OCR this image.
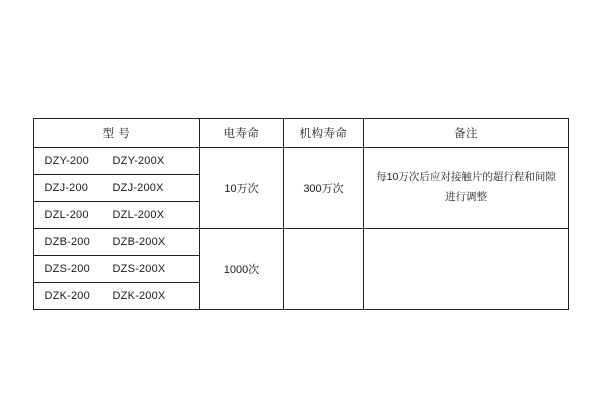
型 号	电寿命	机构寿命	备注
DZY-200 DZY-200X	10万次	300万次	每10万次后应对接触片的超行程和间隙
进行调整

DZJ-200 DZJ-200X			
DZL-200 DZL-200X			
DZB-200 DZB-200X	1000次		

DZS-200 DZS-200X			
DZK-200 DZK-200X			
